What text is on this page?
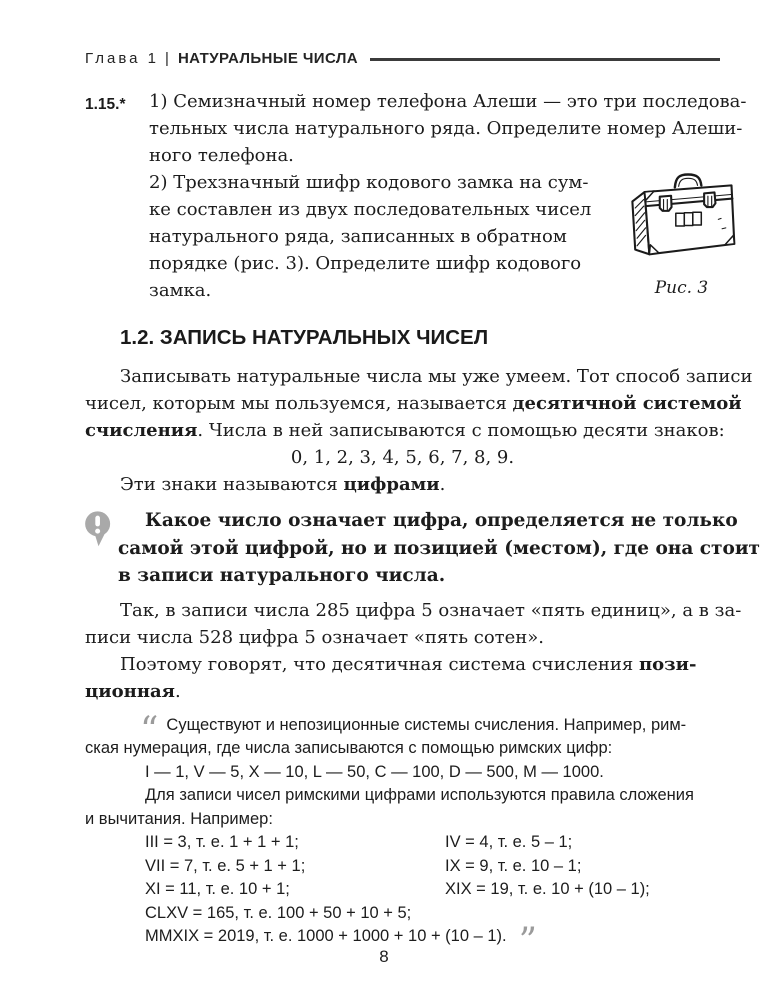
Глава 1 | НАТУРАЛЬНЫЕ ЧИСЛА
1.15.*	1) Семизначный номер телефона Алеши — это три последова-
тельных числа натурального ряда. Определите номер Алеши-
ного телефона.
2) Трехзначный шифр кодового замка на сум-
ке составлен из двух последовательных чисел
натурального ряда, записанных в обратном
порядке (рис. 3). Определите шифр кодового
замка.	Рис. 3
1.2. ЗАПИСЬ НАТУРАЛЬНЫХ ЧИСЕЛ
Записывать натуральные числа мы уже умеем. Тот способ записи
чисел, которым мы пользуемся, называется десятичной системой
счисления. Числа в ней записываются с помощью десяти знаков:
0, 1, 2, 3, 4, 5, 6, 7, 8, 9.
Эти знаки называются цифрами.
Какое число означает цифра, определяется не только
самой этой цифрой, но и позицией (местом), где она стоит
в записи натурального числа.
Так, в записи числа 285 цифра 5 означает «пять единиц», а в за-
писи числа 528 цифра 5 означает «пять сотен».
Поэтому говорят, что десятичная система счисления пози-
ционная.
“ Существуют и непозиционные системы счисления. Например, рим-
ская нумерация, где числа записываются с помощью римских цифр:
I — 1, V — 5, X — 10, L — 50, C — 100, D — 500, M — 1000.
Для записи чисел римскими цифрами используются правила сложения
и вычитания. Например:
III = 3, т. е. 1 + 1 + 1;	IV = 4, т. е. 5 – 1;
VII = 7, т. е. 5 + 1 + 1;	IX = 9, т. е. 10 – 1;
XI = 11, т. е. 10 + 1;	XIX = 19, т. е. 10 + (10 – 1);
CLXV = 165, т. е. 100 + 50 + 10 + 5;
MMXIX = 2019, т. е. 1000 + 1000 + 10 + (10 – 1). ”
8
